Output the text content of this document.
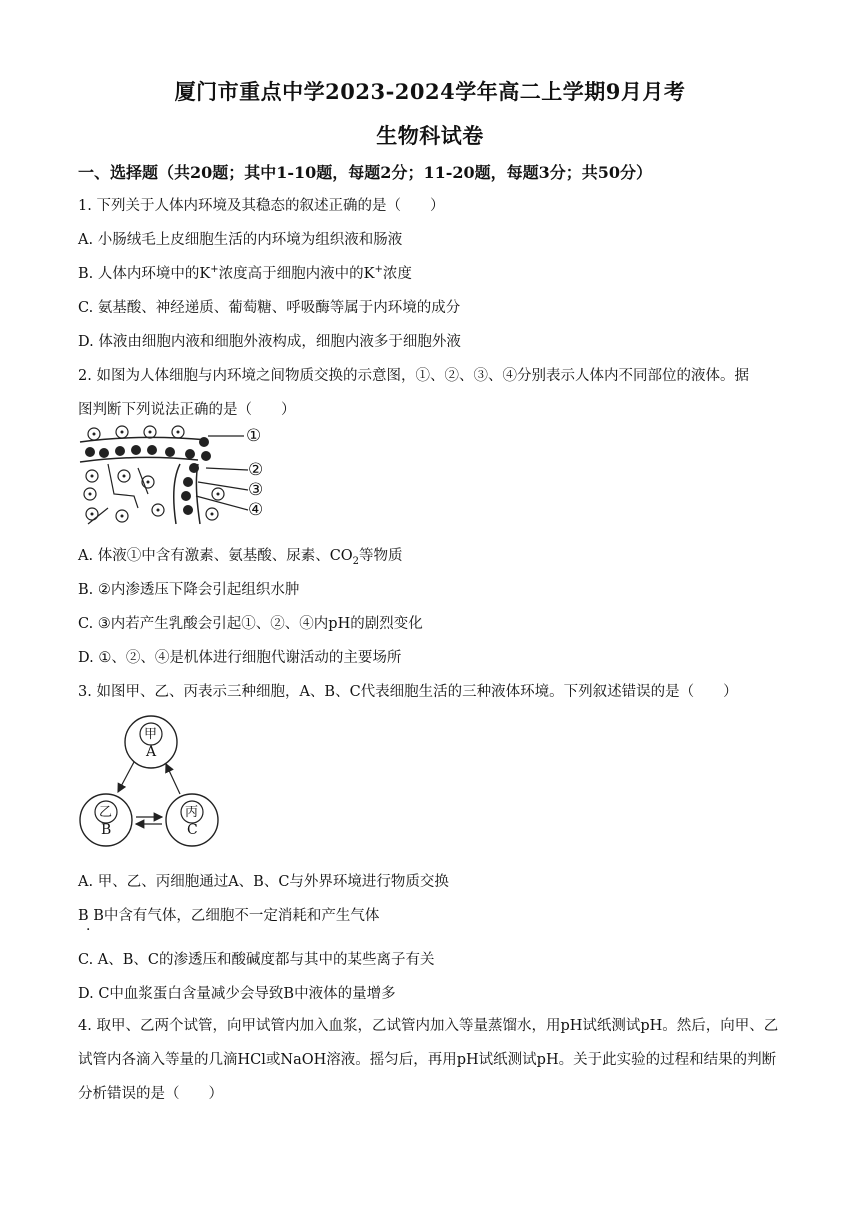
厦门市重点中学2023-2024学年高二上学期9月月考
生物科试卷
一、选择题（共20题；其中1-10题，每题2分；11-20题，每题3分；共50分）
1. 下列关于人体内环境及其稳态的叙述正确的是（　　）
A. 小肠绒毛上皮细胞生活的内环境为组织液和肠液
B. 人体内环境中的K+浓度高于细胞内液中的K+浓度
C. 氨基酸、神经递质、葡萄糖、呼吸酶等属于内环境的成分
D. 体液由细胞内液和细胞外液构成，细胞内液多于细胞外液
2. 如图为人体细胞与内环境之间物质交换的示意图，①、②、③、④分别表示人体内不同部位的液体。据
图判断下列说法正确的是（　　）
①
②
③
④
A. 体液①中含有激素、氨基酸、尿素、$CO_2$等物质
B. ②内渗透压下降会引起组织水肿
C. ③内若产生乳酸会引起①、②、④内pH的剧烈变化
D. ①、②、④是机体进行细胞代谢活动的主要场所
3. 如图甲、乙、丙表示三种细胞，A、B、C代表细胞生活的三种液体环境。下列叙述错误的是（　　）
甲
A
乙
B
丙
C
A. 甲、乙、丙细胞通过A、B、C与外界环境进行物质交换
B B中含有气体，乙细胞不一定消耗和产生气体
·
C. A、B、C的渗透压和酸碱度都与其中的某些离子有关
D. C中血浆蛋白含量减少会导致B中液体的量增多
4. 取甲、乙两个试管，向甲试管内加入血浆，乙试管内加入等量蒸馏水，用pH试纸测试pH。然后，向甲、乙试管内各滴入等量的几滴HCl或NaOH溶液。摇匀后，再用pH试纸测试pH。关于此实验的过程和结果的判断分析错误的是（　　）
